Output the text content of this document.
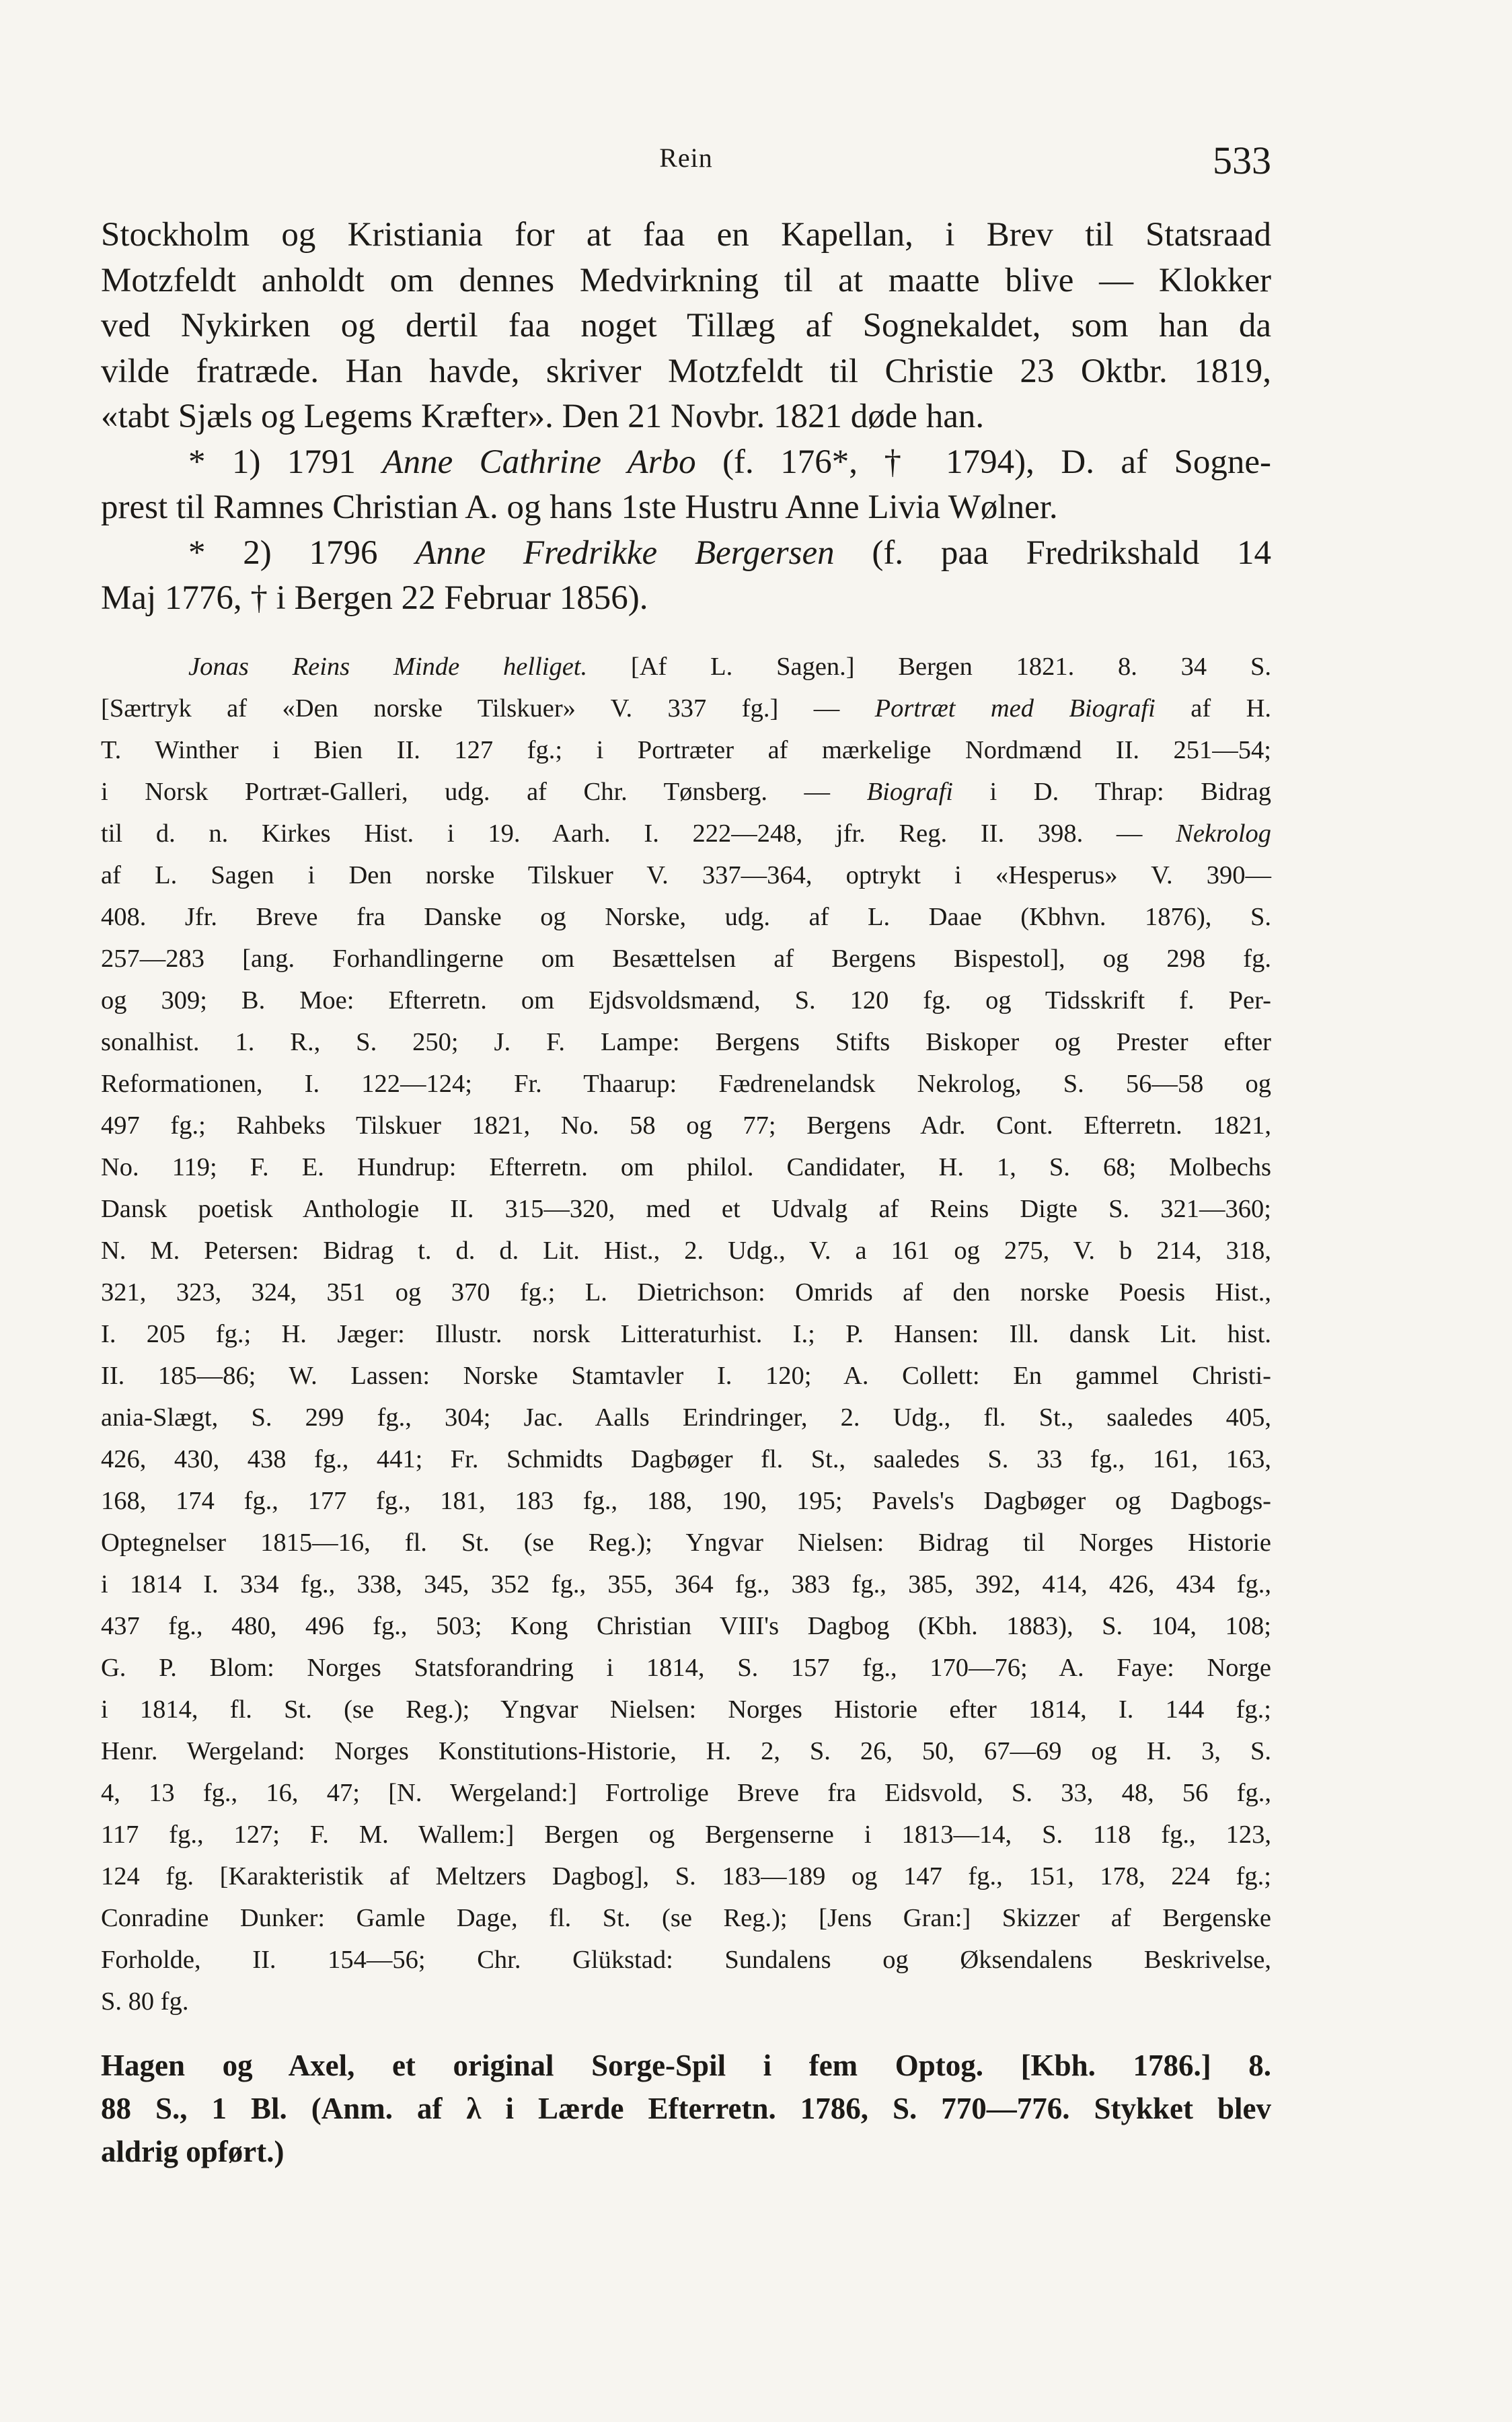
Rein	533
Stockholm og Kristiania for at faa en Kapellan, i Brev til Statsraad
Motzfeldt anholdt om dennes Medvirkning til at maatte blive — Klokker
ved Nykirken og dertil faa noget Tillæg af Sognekaldet, som han da
vilde fratræde. Han havde, skriver Motzfeldt til Christie 23 Oktbr. 1819,
«tabt Sjæls og Legems Kræfter». Den 21 Novbr. 1821 døde han.
* 1) 1791 Anne Cathrine Arbo (f. 176*, † 1794), D. af Sogne-
prest til Ramnes Christian A. og hans 1ste Hustru Anne Livia Wølner.
* 2) 1796 Anne Fredrikke Bergersen (f. paa Fredrikshald 14
Maj 1776, † i Bergen 22 Februar 1856).
Jonas Reins Minde helliget. [Af L. Sagen.] Bergen 1821. 8. 34 S.
[Særtryk af «Den norske Tilskuer» V. 337 fg.] — Portræt med Biografi af H.
T. Winther i Bien II. 127 fg.; i Portræter af mærkelige Nordmænd II. 251—54;
i Norsk Portræt-Galleri, udg. af Chr. Tønsberg. — Biografi i D. Thrap: Bidrag
til d. n. Kirkes Hist. i 19. Aarh. I. 222—248, jfr. Reg. II. 398. — Nekrolog
af L. Sagen i Den norske Tilskuer V. 337—364, optrykt i «Hesperus» V. 390—
408. Jfr. Breve fra Danske og Norske, udg. af L. Daae (Kbhvn. 1876), S.
257—283 [ang. Forhandlingerne om Besættelsen af Bergens Bispestol], og 298 fg.
og 309; B. Moe: Efterretn. om Ejdsvoldsmænd, S. 120 fg. og Tidsskrift f. Per-
sonalhist. 1. R., S. 250; J. F. Lampe: Bergens Stifts Biskoper og Prester efter
Reformationen, I. 122—124; Fr. Thaarup: Fædrenelandsk Nekrolog, S. 56—58 og
497 fg.; Rahbeks Tilskuer 1821, No. 58 og 77; Bergens Adr. Cont. Efterretn. 1821,
No. 119; F. E. Hundrup: Efterretn. om philol. Candidater, H. 1, S. 68; Molbechs
Dansk poetisk Anthologie II. 315—320, med et Udvalg af Reins Digte S. 321—360;
N. M. Petersen: Bidrag t. d. d. Lit. Hist., 2. Udg., V. a 161 og 275, V. b 214, 318,
321, 323, 324, 351 og 370 fg.; L. Dietrichson: Omrids af den norske Poesis Hist.,
I. 205 fg.; H. Jæger: Illustr. norsk Litteraturhist. I.; P. Hansen: Ill. dansk Lit. hist.
II. 185—86; W. Lassen: Norske Stamtavler I. 120; A. Collett: En gammel Christi-
ania-Slægt, S. 299 fg., 304; Jac. Aalls Erindringer, 2. Udg., fl. St., saaledes 405,
426, 430, 438 fg., 441; Fr. Schmidts Dagbøger fl. St., saaledes S. 33 fg., 161, 163,
168, 174 fg., 177 fg., 181, 183 fg., 188, 190, 195; Pavels's Dagbøger og Dagbogs-
Optegnelser 1815—16, fl. St. (se Reg.); Yngvar Nielsen: Bidrag til Norges Historie
i 1814 I. 334 fg., 338, 345, 352 fg., 355, 364 fg., 383 fg., 385, 392, 414, 426, 434 fg.,
437 fg., 480, 496 fg., 503; Kong Christian VIII's Dagbog (Kbh. 1883), S. 104, 108;
G. P. Blom: Norges Statsforandring i 1814, S. 157 fg., 170—76; A. Faye: Norge
i 1814, fl. St. (se Reg.); Yngvar Nielsen: Norges Historie efter 1814, I. 144 fg.;
Henr. Wergeland: Norges Konstitutions-Historie, H. 2, S. 26, 50, 67—69 og H. 3, S.
4, 13 fg., 16, 47; [N. Wergeland:] Fortrolige Breve fra Eidsvold, S. 33, 48, 56 fg.,
117 fg., 127; F. M. Wallem:] Bergen og Bergenserne i 1813—14, S. 118 fg., 123,
124 fg. [Karakteristik af Meltzers Dagbog], S. 183—189 og 147 fg., 151, 178, 224 fg.;
Conradine Dunker: Gamle Dage, fl. St. (se Reg.); [Jens Gran:] Skizzer af Bergenske
Forholde, II. 154—56; Chr. Glükstad: Sundalens og Øksendalens Beskrivelse,
S. 80 fg.
Hagen og Axel, et original Sorge-Spil i fem Optog. [Kbh. 1786.] 8.
88 S., 1 Bl. (Anm. af λ i Lærde Efterretn. 1786, S. 770—776. Stykket blev
aldrig opført.)
